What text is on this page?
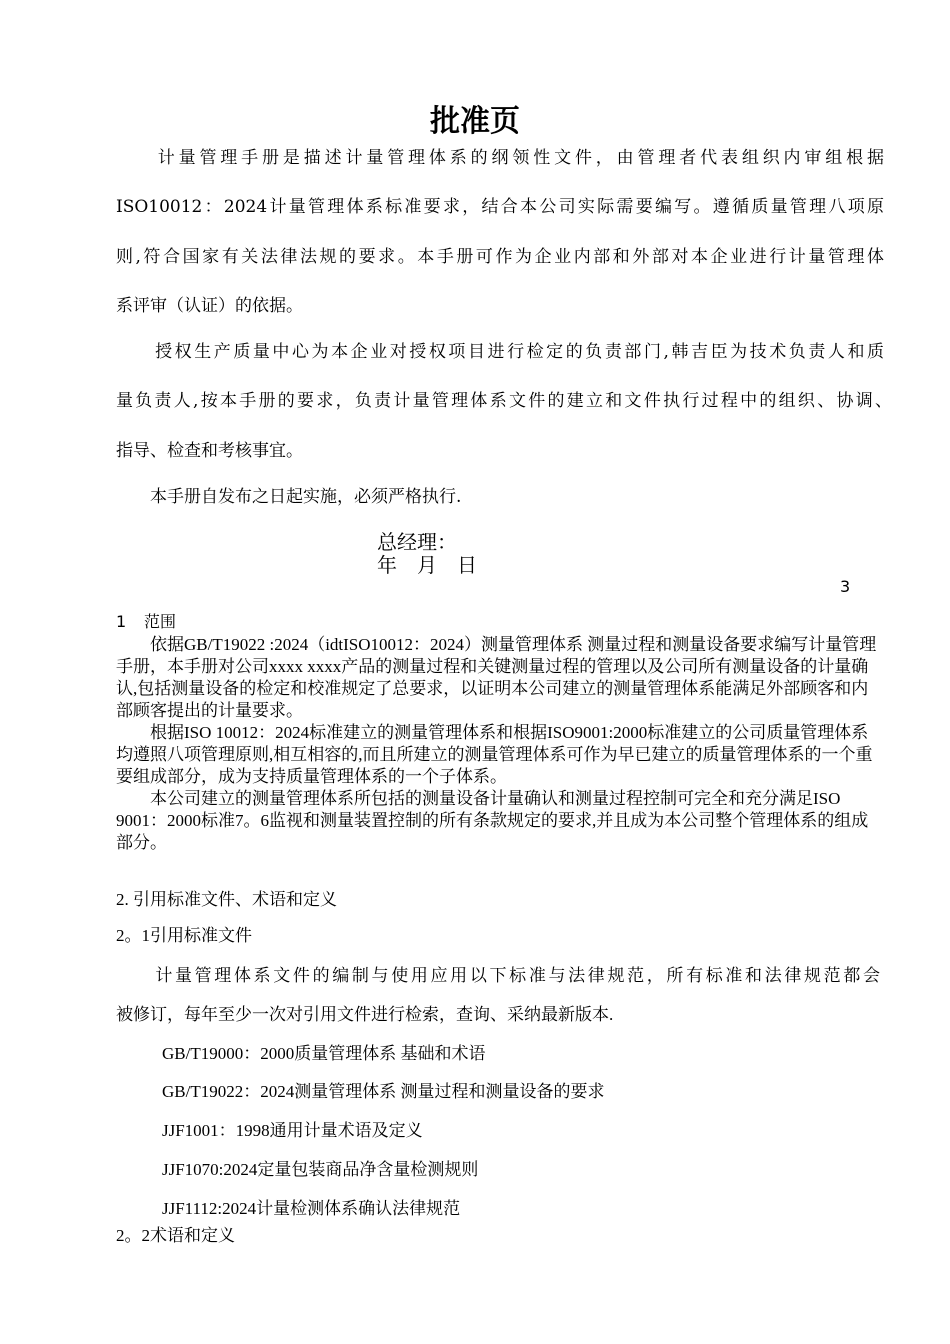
批准页
　　计量管理手册是描述计量管理体系的纲领性文件，由管理者代表组织内审组根据
ISO10012：2024计量管理体系标准要求，结合本公司实际需要编写。遵循质量管理八项原
则,符合国家有关法律法规的要求。本手册可作为企业内部和外部对本企业进行计量管理体
系评审（认证）的依据。
　　授权生产质量中心为本企业对授权项目进行检定的负责部门,韩吉臣为技术负责人和质
量负责人,按本手册的要求，负责计量管理体系文件的建立和文件执行过程中的组织、协调、
指导、检查和考核事宜。
　　本手册自发布之日起实施，必须严格执行.
总经理：
年　月　日
3
1 范围

依据GB/T19022 :2024（idtISO10012：2024）测量管理体系 测量过程和测量设备要求编写计量管理手册，本手册对公司xxxx xxxx产品的测量过程和关键测量过程的管理以及公司所有测量设备的计量确认,包括测量设备的检定和校准规定了总要求，以证明本公司建立的测量管理体系能满足外部顾客和内部顾客提出的计量要求。

根据ISO 10012：2024标准建立的测量管理体系和根据ISO9001:2000标准建立的公司质量管理体系均遵照八项管理原则,相互相容的,而且所建立的测量管理体系可作为早已建立的质量管理体系的一个重要组成部分，成为支持质量管理体系的一个子体系。

本公司建立的测量管理体系所包括的测量设备计量确认和测量过程控制可完全和充分满足ISO 9001：2000标准7。6监视和测量装置控制的所有条款规定的要求,并且成为本公司整个管理体系的组成部分。

2. 引用标准文件、术语和定义
2。1引用标准文件
　　计量管理体系文件的编制与使用应用以下标准与法律规范，所有标准和法律规范都会
被修订，每年至少一次对引用文件进行检索，查询、采纳最新版本.
GB/T19000：2000质量管理体系 基础和术语
GB/T19022：2024测量管理体系 测量过程和测量设备的要求
JJF1001：1998通用计量术语及定义
JJF1070:2024定量包装商品净含量检测规则
JJF1112:2024计量检测体系确认法律规范
2。2术语和定义
